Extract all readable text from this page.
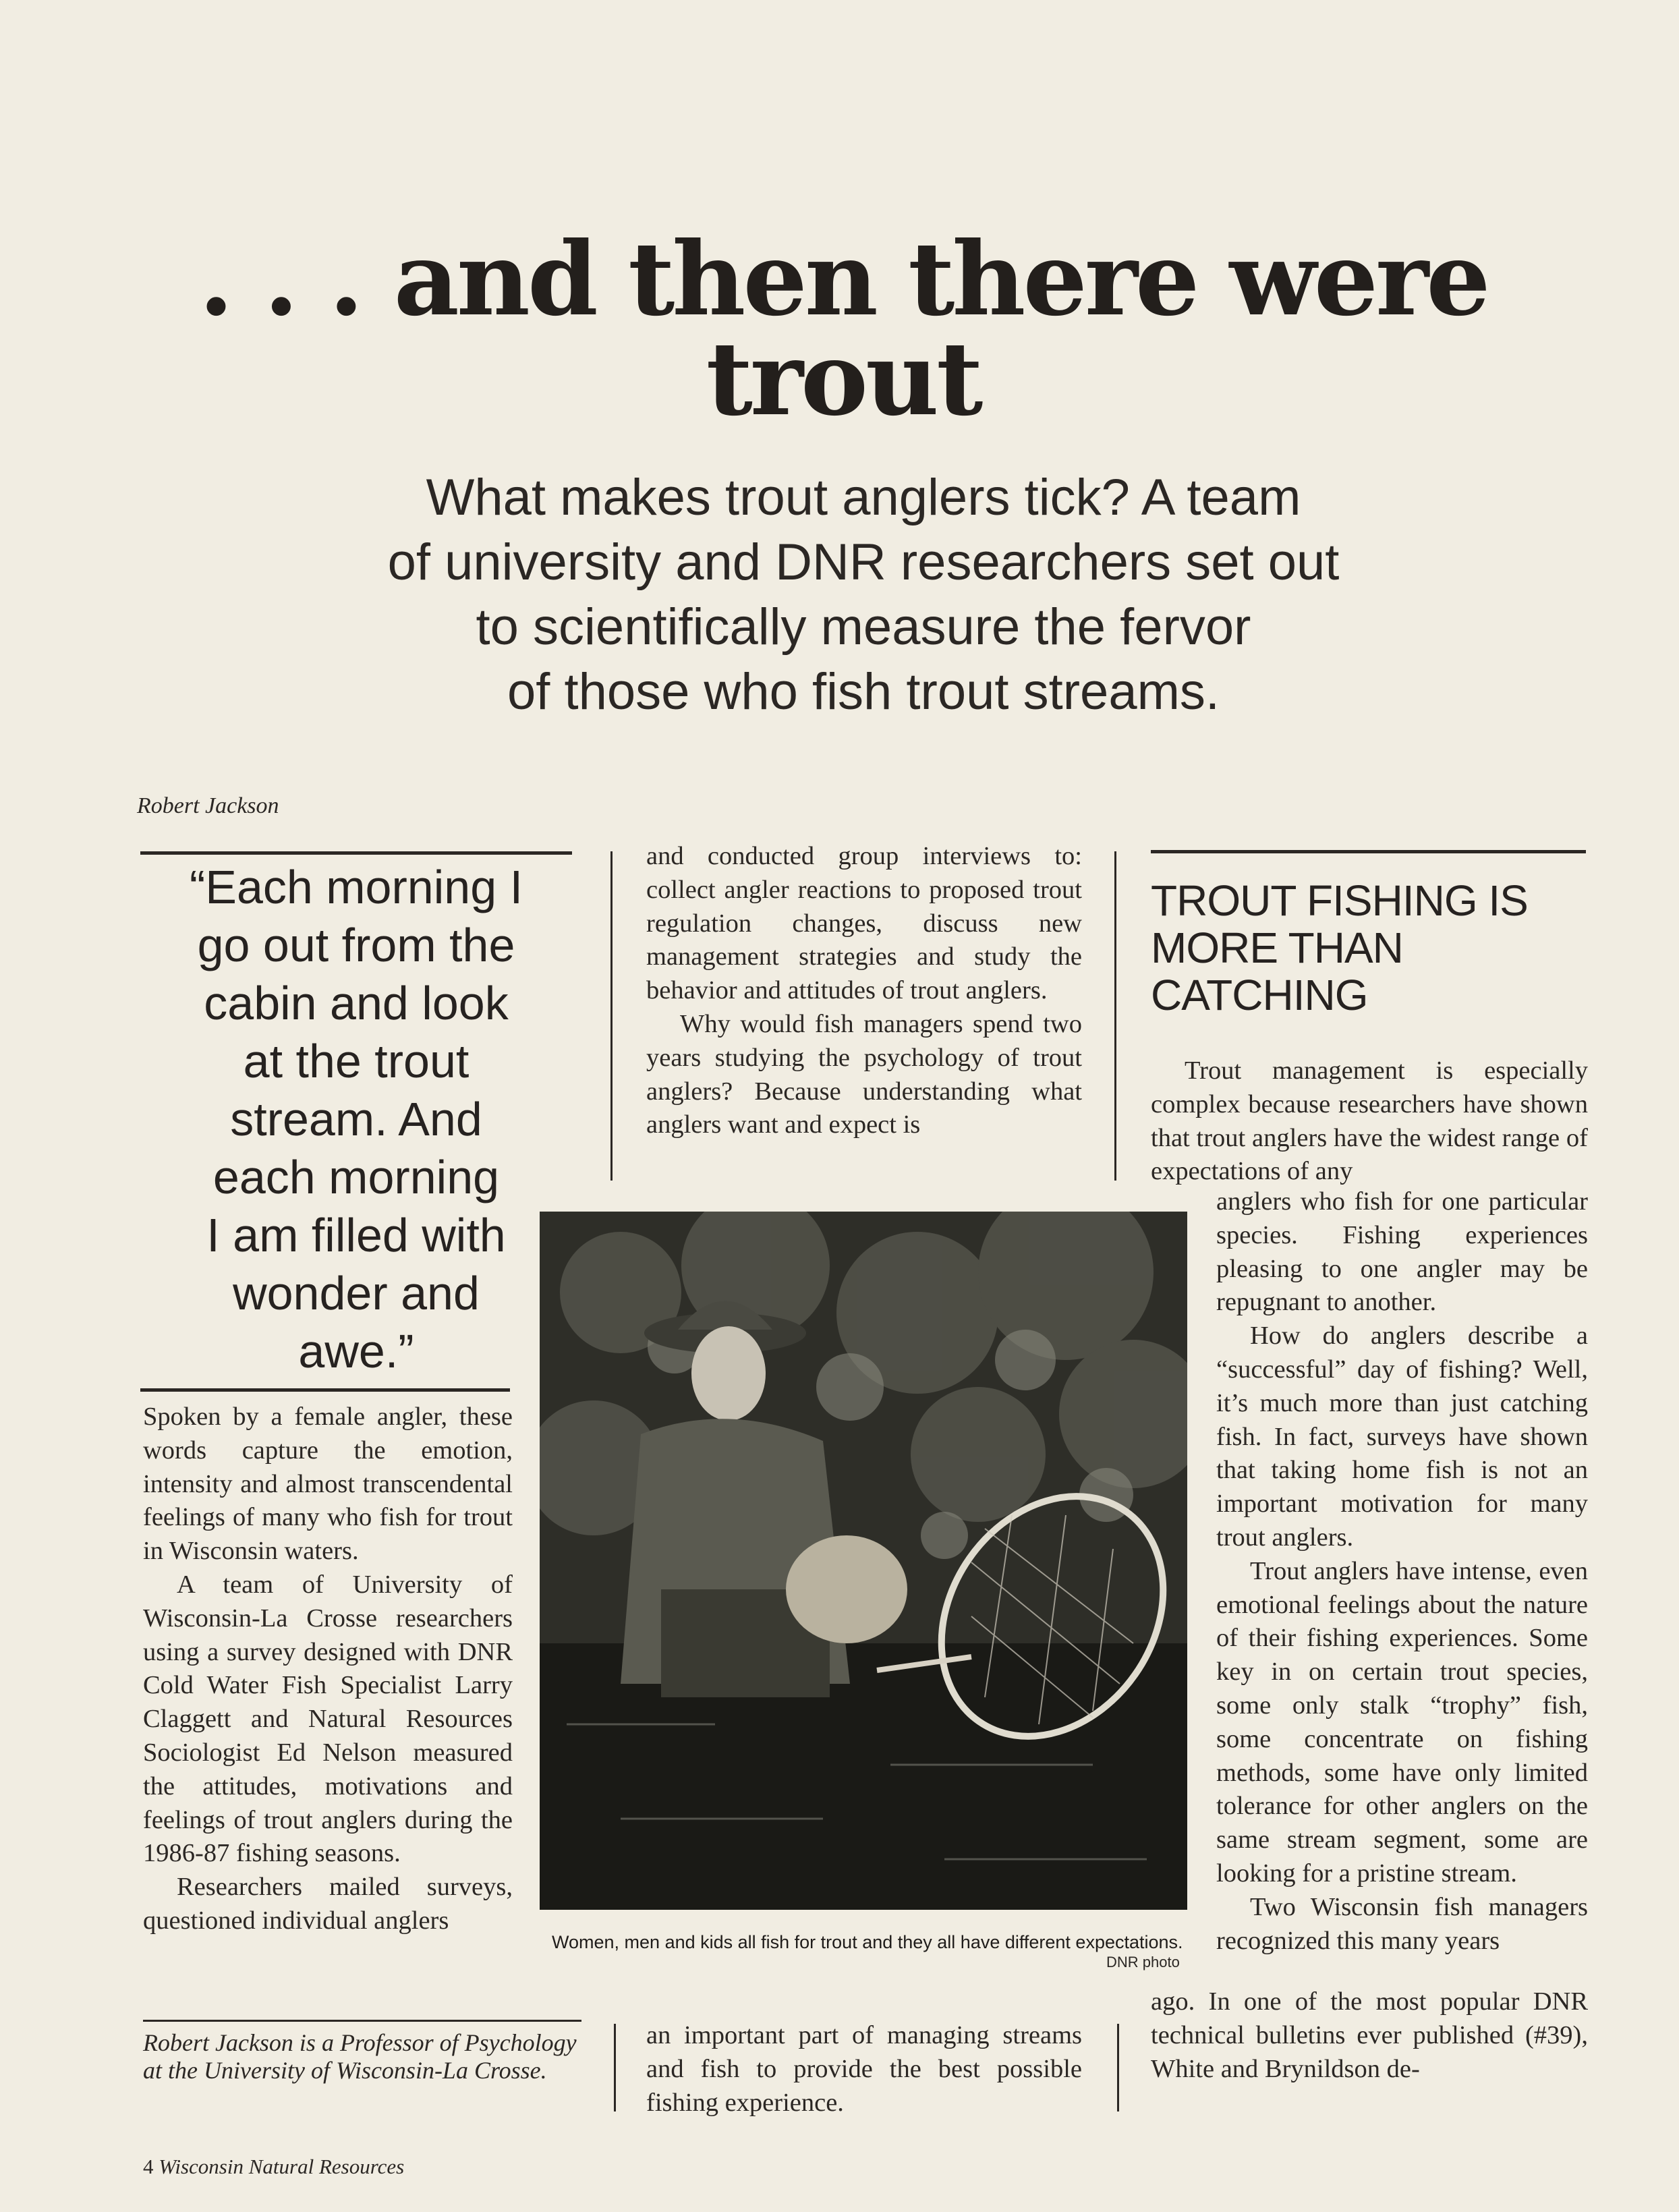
. . . and then there were
trout
What makes trout anglers tick? A team
of university and DNR researchers set out
to scientifically measure the fervor
of those who fish trout streams.
Robert Jackson
“Each morning I
go out from the
cabin and look
at the trout
stream. And
each morning
I am filled with
wonder and
awe.”

Spoken by a female angler, these words capture the emotion, intensity and almost transcendental feelings of many who fish for trout in Wisconsin waters.

A team of University of Wisconsin-La Crosse researchers using a survey designed with DNR Cold Water Fish Specialist Larry Claggett and Natural Resources Sociologist Ed Nelson measured the attitudes, motivations and feelings of trout anglers during the 1986-87 fishing seasons.

Researchers mailed surveys, questioned individual anglers

Robert Jackson is a Professor of Psychology at the University of Wisconsin-La Crosse.

and conducted group interviews to: collect angler reactions to proposed trout regulation changes, discuss new management strategies and study the behavior and attitudes of trout anglers.

Why would fish managers spend two years studying the psychology of trout anglers? Because understanding what anglers want and expect is

an important part of managing streams and fish to provide the best possible fishing experience.

TROUT FISHING IS
MORE THAN
CATCHING

Trout management is especially complex because researchers have shown that trout anglers have the widest range of expectations of any

anglers who fish for one particular species. Fishing experiences pleasing to one angler may be repugnant to another.

How do anglers describe a “successful” day of fishing? Well, it’s much more than just catching fish. In fact, surveys have shown that taking home fish is not an important motivation for many trout anglers.

Trout anglers have intense, even emotional feelings about the nature of their fishing experiences. Some key in on certain trout species, some only stalk “trophy” fish, some concentrate on fishing methods, some have only limited tolerance for other anglers on the same stream segment, some are looking for a pristine stream.

Two Wisconsin fish managers recognized this many years

ago. In one of the most popular DNR technical bulletins ever published (#39), White and Brynildson de-

Women, men and kids all fish for trout and they all have different expectations.
DNR photo
4 Wisconsin Natural Resources
